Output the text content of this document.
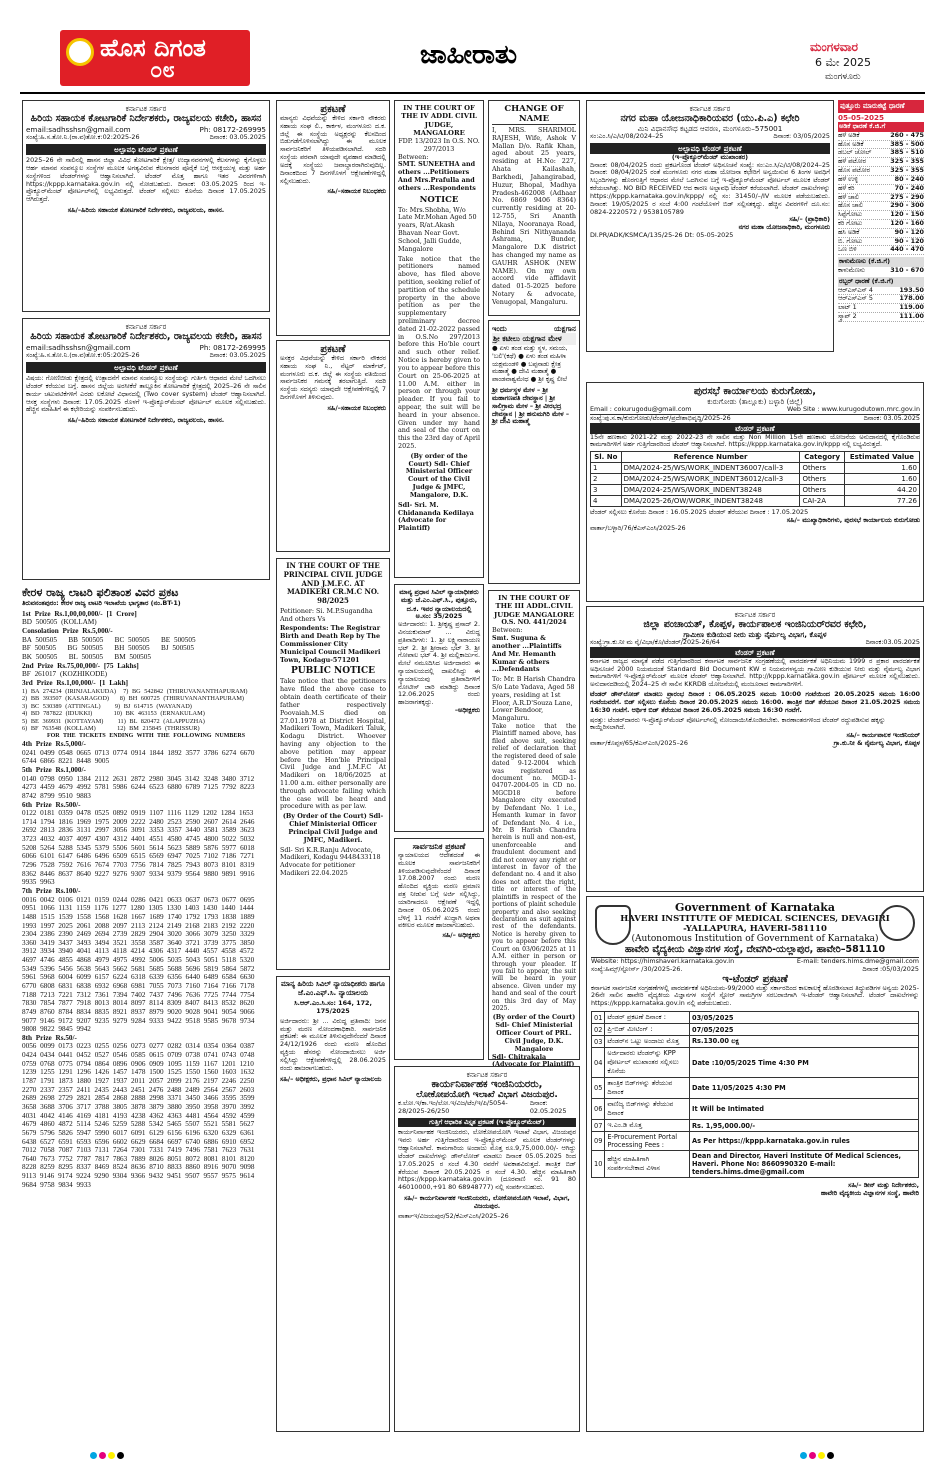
ಹೊಸ ದಿಗಂತ
೦೮
ಜಾಹೀರಾತು	ಮಂಗಳವಾರ
6 ಮೇ 2025
ಮಂಗಳೂರು
ಕರ್ನಾಟಕ ಸರ್ಕಾರ
ಹಿರಿಯ ಸಹಾಯಕ ಕೋಟಗಾರಿಕೆ ನಿರ್ದೇಶಕರು, ರಾಜ್ಯವಲಯ ಕಚೇರಿ, ಹಾಸನ
email:sadhsshsn@gmail.com	Ph: 08172-269995
ಸಂಖ್ಯೆ:ಹಿ.ಸ.ತೋ.ನಿ.(ರಾ.ವ)ತೋ.ಕ:02:2025-26	ದಿನಾಂಕ: 03.05.2025
ಅಲ್ಪಾವಧಿ ಟೆಂಡರ್ ಪ್ರಕಟಣೆ
2025–26 ನೇ ಸಾಲಿನಲ್ಲಿ ಹಾಸನ ಜಿಲ್ಲಾ ವಿವಿಧ ತೋಟಗಾರಿಕೆ ಕ್ಷೇತ್ರ/ ಉದ್ಯಾನವನಗಳಲ್ಲಿ ಕೆಲಸಗಳನ್ನು ಕೈಗೊಳ್ಳಲು ಆರ್ಹ ಮಾನವ ಸಂಪನ್ಮೂಲ ಸಂಸ್ಥೆಗಳ ಮೂಲಕ ಅಗತ್ಯವಿರುವ ಕೆಲಸಗಾರರ ಪೂರೈಕೆ ಬಗ್ಗೆ ಆಸಕ್ತಿಯುಳ್ಳ ಮತ್ತು ಅರ್ಹ ಸಂಸ್ಥೆಗಳಿಂದ ಟೆಂಡರ್‌ಗಳನ್ನು ಆಹ್ವಾನಿಸಲಾಗಿದೆ. ಟೆಂಡರ್ ಮೊತ್ತ ಹಾಗೂ ಇತರ ವಿವರಗಳಿಗಾಗಿ https://kppp.karnataka.gov.in ನಲ್ಲಿ ನೋಡಬಹುದು. ದಿನಾಂಕ: 03.05.2025 ರಿಂದ ಇ-ಪ್ರೊಕ್ಯೂರ್‌ಮೆಂಟ್ ಪೋರ್ಟಲ್‌ನಲ್ಲಿ ಲಭ್ಯವಿರುತ್ತದೆ. ಟೆಂಡರ್ ಸಲ್ಲಿಸಲು ಕೊನೆಯ ದಿನಾಂಕ 17.05.2025 ಆಗಿರುತ್ತದೆ.
ಸಹಿ/–ಹಿರಿಯ ಸಹಾಯಕ ತೋಟಗಾರಿಕೆ ನಿರ್ದೇಶಕರು, ರಾಜ್ಯವಲಯ, ಹಾಸನ.
ಕರ್ನಾಟಕ ಸರ್ಕಾರ
ಹಿರಿಯ ಸಹಾಯಕ ತೋಟಗಾರಿಕೆ ನಿರ್ದೇಶಕರು, ರಾಜ್ಯವಲಯ ಕಚೇರಿ, ಹಾಸನ
email:sadhsshsn@gmail.com	Ph: 08172-269995
ಸಂಖ್ಯೆ:ಹಿ.ಸ.ತೋ.ನಿ.(ರಾ.ವ)ತೋ.ಕ:05:2025-26	ದಿನಾಂಕ: 03.05.2025
ಅಲ್ಪಾವಧಿ ಟೆಂಡರ್ ಪ್ರಕಟಣೆ
ವಿಷಯ: ಗೋಣಿಬೀಡು ಕ್ಷೇತ್ರದಲ್ಲಿ ಉತ್ಪಾದನೆಗೆ ಮಾನವ ಸಂಪನ್ಮೂಲ ಸಂಸ್ಥೆಯನ್ನು ಗುರ್ತಿಸಿ ಆಧಾರದ ಮೇಲೆ ಒದಗಿಸಲು ಟೆಂಡರ್ ಕರೆಯುವ ಬಗ್ಗೆ. ಹಾಸನ ಜಿಲ್ಲೆಯ ಅರಸೀಕೆರೆ ತಾಲ್ಲೂಕಿನ ತೋಟಗಾರಿಕೆ ಕ್ಷೇತ್ರದಲ್ಲಿ 2025–26 ನೇ ಸಾಲಿನ ಕಾರ್ಯ ಚಟುವಟಿಕೆಗಳಿಗೆ ಎರಡು ಲಕೋಟೆ ವಿಧಾನದಲ್ಲಿ (Two cover system) ಟೆಂಡರ್ ಆಹ್ವಾನಿಸಲಾಗಿದೆ. ಆಸಕ್ತ ಸಂಸ್ಥೆಗಳು ದಿನಾಂಕ: 17.05.2025 ರೊಳಗೆ ಇ-ಪ್ರೊಕ್ಯೂರ್‌ಮೆಂಟ್ ಪೋರ್ಟಲ್ ಮೂಲಕ ಸಲ್ಲಿಸಬಹುದು. ಹೆಚ್ಚಿನ ಮಾಹಿತಿಗೆ ಈ ಕಛೇರಿಯನ್ನು ಸಂಪರ್ಕಿಸಬಹುದು.
ಸಹಿ/–ಹಿರಿಯ ಸಹಾಯಕ ತೋಟಗಾರಿಕೆ ನಿರ್ದೇಶಕರು, ರಾಜ್ಯವಲಯ, ಹಾಸನ.
ಕೇರಳ ರಾಜ್ಯ ಲಾಟರಿ ಫಲಿತಾಂಶ ವಿವರ ಪ್ರಕಟ
ತಿರುವನಂತಪುರಂ: ಕೇರಳ ರಾಜ್ಯ ಲಾಟರಿ ಇಲಾಖೆಯ ಭಾಗ್ಯತಾರ (ನಂ.BT-1)
1st Prize Rs.1,00,00,000/- [1 Crore]
BD 500505 (KOLLAM)
Consolation Prize Rs.5,000/-
BA 500505   BB 500505   BC 500505   BE 500505
BF 500505   BG 500505   BH 500505   BJ 500505
BK 500505   BL 500505   BM 500505
2nd Prize Rs.75,00,000/- [75 Lakhs]
BF 261017 (KOZHIKODE)
3rd Prize Rs.1,00,000/- [1 Lakh]
1) BA 274234 (IRINJALAKUDA)  7) BG 542842 (THIRUVANANTHAPURAM)
2) BB 393507 (KASARAGOD)   8) BH 600725 (THIRUVANANTHAPURAM)
3) BC 530389 (ATTINGAL)    9) BJ 614715 (WAYANAD)
4) BD 787822 (IDUKKI)      10) BK 463153 (ERNAKULAM)
5) BE 369931 (KOTTAYAM)    11) BL 820472 (ALAPPUZHA)
6) BF 763548 (KOLLAM)      12) BM 215845 (THRISSUR)
FOR THE TICKETS ENDING WITH THE FOLLOWING NUMBERS
4th Prize Rs.5,000/-
0241 0499 0548 0665 0713 0774 0914 1844 1892 3577 3786 6274 6670 6744 6866 8221 8448 9005
5th Prize Rs.1,000/-
0140 0798 0950 1384 2112 2631 2872 2980 3045 3142 3248 3480 3712 4273 4459 4679 4992 5781 5986 6244 6523 6880 6789 7125 7792 8223 8742 8799 9510 9883
6th Prize Rs.500/-
0122 0181 0359 0478 0525 0892 0919 1107 1116 1129 1202 1284 1653 1714 1794 1816 1969 1975 2009 2222 2480 2523 2590 2607 2614 2646 2692 2813 2836 3131 2997 3056 3091 3353 3357 3440 3581 3589 3623 3723 4032 4037 4097 4307 4312 4401 4551 4580 4745 4800 5022 5032 5208 5264 5288 5345 5379 5506 5601 5614 5623 5889 5876 5977 6018 6066 6101 6147 6486 6496 6509 6515 6569 6947 7025 7102 7186 7271 7296 7528 7592 7616 7674 7703 7756 7814 7825 7943 8073 8101 8319 8362 8446 8637 8640 9227 9276 9307 9334 9379 9564 9880 9891 9916 9935 9963
7th Prize Rs.100/-
0016 0042 0106 0121 0159 0244 0286 0421 0633 0637 0673 0677 0695 0951 1066 1131 1159 1176 1277 1280 1305 1330 1403 1430 1440 1444 1488 1515 1539 1558 1568 1628 1667 1689 1740 1792 1793 1838 1889 1993 1997 2025 2061 2088 2097 2113 2124 2149 2168 2183 2192 2220 2304 2386 2390 2469 2694 2739 2829 2904 3020 3066 3079 3250 3329 3360 3419 3437 3493 3494 3521 3558 3587 3640 3721 3739 3775 3850 3912 3934 3940 4041 4113 4118 4214 4306 4317 4440 4557 4558 4572 4697 4746 4855 4868 4979 4975 4992 5006 5035 5043 5051 5118 5320 5349 5396 5456 5638 5643 5662 5681 5685 5688 5696 5819 5864 5872 5961 5968 6004 6099 6157 6224 6318 6339 6356 6440 6489 6584 6630 6770 6808 6831 6838 6932 6968 6981 7055 7073 7160 7164 7166 7178 7188 7213 7221 7312 7361 7394 7402 7437 7496 7636 7725 7744 7754 7830 7854 7877 7918 8013 8014 8097 8114 8309 8407 8413 8532 8620 8749 8760 8784 8834 8835 8921 8937 8979 9020 9028 9041 9054 9066 9077 9146 9172 9207 9235 9279 9284 9333 9422 9518 9585 9678 9734 9808 9822 9845 9942
8th Prize Rs.50/-
0056 0099 0173 0223 0255 0256 0273 0277 0282 0314 0354 0364 0387 0424 0434 0441 0452 0527 0546 0585 0615 0709 0738 0741 0743 0748 0759 0768 0775 0794 0864 0896 0906 0909 1095 1159 1167 1201 1210 1239 1255 1291 1296 1426 1457 1478 1500 1525 1550 1560 1603 1632 1787 1791 1873 1880 1927 1937 2011 2057 2099 2176 2197 2246 2250 2270 2337 2357 2411 2435 2443 2451 2476 2488 2489 2564 2567 2603 2689 2698 2729 2821 2854 2868 2888 2998 3371 3450 3466 3595 3599 3658 3688 3706 3717 3788 3805 3878 3879 3880 3950 3958 3970 3992 4031 4042 4146 4169 4181 4193 4238 4362 4363 4481 4564 4592 4599 4679 4860 4872 5114 5246 5259 5288 5342 5465 5507 5521 5581 5627 5679 5796 5826 5947 5990 6017 6091 6129 6156 6196 6320 6329 6361 6438 6527 6591 6593 6596 6602 6629 6684 6697 6740 6886 6910 6952 7012 7058 7087 7103 7131 7264 7301 7331 7419 7496 7581 7623 7631 7640 7673 7752 7787 7817 7863 7889 8026 8051 8072 8081 8101 8120 8228 8259 8295 8337 8469 8524 8636 8710 8833 8860 8916 9070 9098 9113 9146 9174 9224 9290 9304 9366 9432 9451 9507 9557 9575 9614 9684 9758 9834 9933
ಪ್ರಕಟಣೆ
ಮಾನ್ಯರು ವಿಧವೆಯನ್ನು ಕೇಳಿದ ಸರ್ಕಾರಿ ನೌಕರರು ಸಹಾಯ ಸಂಘ ಲಿ., ಕಾರ್ಕಳ, ಮಂಗಳೂರು ದ.ಕ. ಜಿಲ್ಲೆ ಈ ಸಂಸ್ಥೆಯ ಅಧ್ಯಕ್ಷರನ್ನು ಕೆಲಸದಿಂದ ಬಿಡುಗಡೆಗೊಳಿಸಲಾಗಿದ್ದು ಈ ಮೂಲಕ ಸಾರ್ವಜನಿಕರಿಗೆ ತಿಳಿಯಪಡಿಸಲಾಗಿದೆ. ಸದರಿ ಸಂಸ್ಥೆಯ ಪರವಾಗಿ ಯಾವುದೇ ವ್ಯವಹಾರ ಮಾಡಿದಲ್ಲಿ ಅದಕ್ಕೆ ಸಂಸ್ಥೆಯು ಜವಾಬ್ದಾರರಾಗಿರುವುದಿಲ್ಲ. ದಿನಾಂಕದಿಂದ 7 ದಿನಗಳೊಳಗೆ ಆಕ್ಷೇಪಣೆಗಳಿದ್ದಲ್ಲಿ ಸಲ್ಲಿಸಬಹುದು.
ಸಹಿ/–ಸಹಾಯಕ ನಿಬಂಧಕರು
ಪ್ರಕಟಣೆ
ಅಸಕ್ತರ ವಿಧವೆಯನ್ನು ಕೇಳಿದ ಸರ್ಕಾರಿ ನೌಕರರ ಸಹಾಯ ಸಂಘ ನಿ., ನೆಟ್ಟರ್ ಮಾರ್ಕೆಟ್, ಮಂಗಳೂರು ದ.ಕ. ಜಿಲ್ಲೆ ಈ ಸಂಸ್ಥೆಯ ವತಿಯಿಂದ ಸಾರ್ವಜನಿಕರ ಗಮನಕ್ಕೆ ತರಲಾಗುತ್ತಿದೆ. ಸದರಿ ಸಂಸ್ಥೆಯ ಸದಸ್ಯರು ಯಾವುದೇ ಆಕ್ಷೇಪಣೆಗಳಿದ್ದಲ್ಲಿ 7 ದಿನಗಳೊಳಗೆ ತಿಳಿಸುವುದು.
ಸಹಿ/–ಸಹಾಯಕ ನಿಬಂಧಕರು
IN THE COURT OF THE PRINCIPAL CIVIL JUDGE AND J.M.F.C. AT MADIKERI CR.M.C NO. 98/2025
Petitioner: Si. M.P.Sugandha And others Vs
Respondents: The Registrar Birth and Death Rep by The Commissioner City Municipal Council Madikeri Town, Kodagu-571201
PUBLIC NOTICE
Take notice that the petitioners have filed the above case to obtain death certificate of their father respectively Poovaiah.M.S died on 27.01.1978 at District Hospital, Madikeri Town, Madikeri Taluk, Kodagu District. Whoever having any objection to the above petition may appear before the Hon'ble Principal Civil Judge and J.M.F.C At Madikeri on 18/06/2025 at 11.00 a.m. either personally are through advocate failing which the case will be heard and procedure with as per law.
(By Order of the Court) Sdl- Chief Ministerial Officer Principal Civil Judge and JMFC, Madikeri.
Sdl- Sri K.R.Ranju Advocate, Madikeri, Kodagu 9448433118 Advocate for petitioner Madikeri 22.04.2025
ಮಾನ್ಯ ಹಿರಿಯ ಸಿವಿಲ್ ನ್ಯಾಯಾಧೀಶರು ಹಾಗೂ ಜೆ.ಎಂ.ಎಫ್.ಸಿ. ನ್ಯಾಯಾಲಯ
ಸಿ.ಆರ್.ಎಂ.ಸಿ.ಸಂ: 164, 172, 175/2025
ಅರ್ಜಿದಾರರು: ಶ್ರೀ ... ವಿರುದ್ಧ ಪ್ರತಿವಾದಿ: ಜನನ ಮತ್ತು ಮರಣ ನೋಂದಣಾಧಿಕಾರಿ. ಸಾರ್ವಜನಿಕ ಪ್ರಕಟಣೆ: ಈ ಮೂಲಕ ತಿಳಿಸುವುದೇನೆಂದರೆ ದಿನಾಂಕ 24/12/1926 ರಂದು ಮರಣ ಹೊಂದಿದ ವ್ಯಕ್ತಿಯ ಹೆಸರನ್ನು ನೋಂದಾಯಿಸಲು ಅರ್ಜಿ ಸಲ್ಲಿಸಿದ್ದು ಆಕ್ಷೇಪಣೆಗಳಿದ್ದಲ್ಲಿ 28.06.2025 ರಂದು ಹಾಜರಾಗಬಹುದು.
ಸಹಿ/– ಅಧೀಕ್ಷಕರು, ಪ್ರಧಾನ ಸಿವಿಲ್ ನ್ಯಾಯಾಲಯ
IN THE COURT OF THE IV ADDL CIVIL JUDGE, MANGALORE
FDP. 13/2023 In O.S. NO. 297/2013
Between:
SMT. SUNEETHA and others ...Petitioners And Mrs.Prafulla and others ...Respondents
NOTICE
To: Mrs.Shobha, W/o Late Mr.Mohan Aged 50 years, R/at.Akash Bhavan Near Govt. School, Jalli Gudde, Mangalore
Take notice that the petitioners named above, has filed above petition, seeking relief of partition of the schedule property in the above petition as per the supplementary preliminary decree dated 21-02-2022 passed in O.S.No 297/2013 before this Ho'ble court and such other relief. Notice is hereby given to you to appear before this Court on 25-06-2025 at 11.00 A.M. either in person or through your pleader. If you fail to appear, the suit will be heard in your absence. Given under my hand and seal of the court on this the 23rd day of April 2025.
(By order of the Court) Sdl- Chief Ministerial Officer Court of the Civil Judge & JMFC, Mangalore, D.K.
Sdl- Sri. M. Chidananda Kedilaya (Advocate for Plaintiff)
ಮಾನ್ಯ ಪ್ರಧಾನ ಸಿವಿಲ್ ನ್ಯಾಯಾಧೀಶರು ಮತ್ತು ಜೆ.ಎಂ.ಎಫ್.ಸಿ., ಪುತ್ತೂರು, ದ.ಕ. ಇವರ ನ್ಯಾಯಾಲಯದಲ್ಲಿ
ಅ.ಸಂ: 35/2025
ಅರ್ಜಿದಾರರು: 1. ಶ್ರೀಕೃಷ್ಣ ಪ್ರಸಾದ್ 2. ವಿನಯಕುಮಾರ್ ... ವಿರುದ್ಧ ಪ್ರತಿವಾದಿಗಳು: 1. ಶ್ರೀ ಲಕ್ಷ್ಮಿನಾರಾಯಣ ಭಟ್ 2. ಶ್ರೀ ಶ್ರೀರಾಮ ಭಟ್ 3. ಶ್ರೀ ಗೋಪಾಲ ಭಟ್ 4. ಶ್ರೀ ಮಲ್ಲಿಕಾರ್ಜುನ. ಮೇಲೆ ನಮೂದಿಸಿದ ಅರ್ಜಿದಾರರು ಈ ನ್ಯಾಯಾಲಯದಲ್ಲಿ ದಾಖಲಿಸಿದ್ದು ಈ ನ್ಯಾಯಾಲಯವು ಪ್ರತಿವಾದಿಗಳಿಗೆ ನೋಟೀಸ್ ಜಾರಿ ಮಾಡಿದ್ದು ದಿನಾಂಕ 12.06.2025 ರಂದು ಹಾಜರಾಗತಕ್ಕದ್ದು.
–ಅಧೀಕ್ಷಕರು
ಸಾರ್ವಜನಿಕ ಪ್ರಕಟಣೆ
ನ್ಯಾಯಾಲಯದ ಆದೇಶದಂತೆ ಈ ಮೂಲಕ ಸಾರ್ವಜನಿಕರಿಗೆ ತಿಳಿಯಪಡಿಸುವುದೇನೆಂದರೆ ದಿನಾಂಕ 17.08.2007 ರಂದು ಮರಣ ಹೊಂದಿದ ವ್ಯಕ್ತಿಯ ಮರಣ ಪ್ರಮಾಣ ಪತ್ರ ನೀಡುವ ಬಗ್ಗೆ ಅರ್ಜಿ ಸಲ್ಲಿಸಿದ್ದು, ಯಾರಿಗಾದರೂ ಆಕ್ಷೇಪಣೆ ಇದ್ದಲ್ಲಿ ದಿನಾಂಕ 05.06.2025 ರಂದು ಬೆಳಿಗ್ಗೆ 11 ಗಂಟೆಗೆ ಖುದ್ದಾಗಿ ಅಥವಾ ವಕೀಲರ ಮೂಲಕ ಹಾಜರಾಗಬಹುದು.
ಸಹಿ/– ಅಧೀಕ್ಷಕರು
CHANGE OF NAME
I, MRS. SHARIMOL RAJESH, Wife, Ashok V Mallan D/o. Rafik Khan, aged about 25 years, residing at H.No: 227, Ahata Kailashah, Barkhedi, Jahangirabad, Huzur, Bhopal, Madhya Pradesh-462008 (Adhaar No. 6869 9406 8364) currently residing at 20-12-755, Sri Ananth Nilaya, Nooranaya Road, Behind Sri Nithyananda Ashrama, Bunder, Mangalore D.K district has changed my name as GAUHR ASHOK (NEW NAME). On my own accord vide affidavit dated 01-5-2025 before Notary & advocate, Venugopal, Mangaluru.
ಇಂದು	ಯಕ್ಷಗಾನ
ಶ್ರೀ ಕಟೀಲು ಯಕ್ಷಗಾನ ಮೇಳ
● ಏಳು ತಂಡ ಮತ್ತು ಸ್ಥಳ, ಸಮಯ, 'ಬಲಿ'(ಕಥೆ) ● ಏಳು ತಂಡ ಮಹಿಳಾ ಯಕ್ಷಮಂಡಳಿ ● ಬಪ್ಪನಾಡು ಕ್ಷೇತ್ರ ಮಹಾತ್ಮೆ ● ದೇವಿ ಮಹಾತ್ಮೆ ● ಪಾಂಡವಾಶ್ವಮೇಧ ● ಶ್ರೀ ಕೃಷ್ಣ ಲೀಲೆ
ಶ್ರೀ ಧರ್ಮಸ್ಥಳ ಮೇಳ – ಶ್ರೀ ಮಹಾಗಣಪತಿ ದೇವಸ್ಥಾನ | ಶ್ರೀ ಸಾಲಿಗ್ರಾಮ ಮೇಳ – ಶ್ರೀ ವೀರಭದ್ರ ದೇವಸ್ಥಾನ | ಶ್ರೀ ಹನುಮಗಿರಿ ಮೇಳ – ಶ್ರೀ ದೇವಿ ಮಹಾತ್ಮೆ
IN THE COURT OF THE III ADDL.CIVIL JUDGE MANGALORE
O.S. NO. 441/2024
Between:
Smt. Suguna & another ...Plaintiffs And Mr. Hemanth Kumar & others ...Defendants
To: Mr. B Harish Chandra S/o Late Yadava, Aged 58 years, residing at 1st Floor, A.R.D'Souza Lane, Lower Bendoor, Mangaluru.
Take notice that the Plaintiff named above, has filed above suit, seeking relief of declaration that the registered deed of sale dated 9-12-2004 which was registered as document no. MGD-1-04707-2004-05 in CD no. MGCD18 before Mangalore city executed by Defendant No. 1 i.e., Hemanth kumar in favor of Defendant No. 4 i.e., Mr. B Harish Chandra herein is null and non-est, unenforceable and fraudulent document and did not convey any right or interest in favor of the defendant no. 4 and it also does not affect the right, title or interest of the plaintiffs in respect of the portions of plaint schedule property and also seeking declaration as suit against rest of the defendants. Notice is hereby given to you to appear before this Court on 03/06/2025 at 11 A.M. either in person or through your pleader. If you fail to appear, the suit will be heard in your absence. Given under my hand and seal of the court on this 3rd day of May 2025.
(By order of the Court) Sdl- Chief Ministerial Officer Court of PRL. Civil Judge, D.K. Mangalore
Sdl- Chitrakala (Advocate for Plaintiff)
ಕರ್ನಾಟಕ ಸರ್ಕಾರ
ಕಾರ್ಯನಿರ್ವಾಹಕ ಇಂಜಿನಿಯರರು,
ಲೋಕೋಪಯೋಗಿ ಇಲಾಖೆ ವಿಭಾಗ ವಿಜಯಪುರ.
ಕ.ಲೋ.ಇ/ಕಾ.ಇಂ/ಲೋ.ಇ/ವಿಜ/ಟೆಂ/ಇ/ಪಿ/5054-28/2025-26/250
ದಿನಾಂಕ: 02.05.2025
ಗುತ್ತಿಗೆ ಆಧಾರಿತ ವಿಸ್ತೃತ ಪ್ರಕಟಣೆ (ಇ-ಪ್ರೊಕ್ಯೂರ್‌ಮೆಂಟ್)
ಕಾರ್ಯನಿರ್ವಾಹಕ ಇಂಜಿನಿಯರರು, ಲೋಕೋಪಯೋಗಿ ಇಲಾಖೆ ವಿಭಾಗ, ವಿಜಯಪುರ ಇವರು ಅರ್ಹ ಗುತ್ತಿಗೆದಾರರಿಂದ ಇ-ಪ್ರೊಕ್ಯೂರ್‌ಮೆಂಟ್ ಮೂಲಕ ಟೆಂಡರ್‌ಗಳನ್ನು ಆಹ್ವಾನಿಸಲಾಗಿದೆ. ಕಾಮಗಾರಿಯ ಅಂದಾಜು ಮೊತ್ತ ರೂ.9,75,000.00/- ಆಗಿದ್ದು ಟೆಂಡರ್ ದಾಖಲೆಗಳನ್ನು ಡೌನ್‌ಲೋಡ್ ಮಾಡಲು ದಿನಾಂಕ 05.05.2025 ರಿಂದ 17.05.2025 ರ ಸಂಜೆ 4.30 ರವರೆಗೆ ಅವಕಾಶವಿರುತ್ತದೆ. ತಾಂತ್ರಿಕ ಬಿಡ್ ತೆರೆಯುವ ದಿನಾಂಕ 20.05.2025 ರ ಸಂಜೆ 4.30. ಹೆಚ್ಚಿನ ಮಾಹಿತಿಗಾಗಿ https://kppp.karnataka.gov.in (ದೂರವಾಣಿ ನಂ. 91 80 46010000,+91 80 68948777) ನಲ್ಲಿ ಸಂಪರ್ಕಿಸಬಹುದು.
ಸಹಿ/– ಕಾರ್ಯನಿರ್ವಾಹಕ ಇಂಜಿನಿಯರರು, ಲೋಕೋಪಯೋಗಿ ಇಲಾಖೆ, ವಿಭಾಗ, ವಿಜಯಪುರ.
ವಾರ್ತಾಇ/ವಿಜಯಪುರ/52/ಕೆಎಸ್‌ಎಂಸಿ/2025–26
ಕರ್ನಾಟಕ ಸರ್ಕಾರ
ನಗರ ಮಹಾ ಯೋಜನಾಧಿಕಾರಿಯವರ (ಯು.ಪಿ.ಎ) ಕಛೇರಿ
ಮಿನಿ ವಿಧಾನಸೌಧ ಕಟ್ಟಡದ ಆವರಣ, ಮಂಗಳೂರು–575001
ಸಂ:ಎಂ.ಸಿ/ಎ/ಟಿ/08/2024–25	ದಿನಾಂಕ: 03/05/2025
ಅಲ್ಪಾವಧಿ ಟೆಂಡರ್ ಪ್ರಕಟಣೆ
(ಇ–ಪ್ರೊಕ್ಯೂರ್‌ಮೆಂಟ್ ಮುಖಾಂತರ)
ದಿನಾಂಕ: 08/04/2025 ರಂದು ಪ್ರಕಟಗೊಂಡ ಟೆಂಡರ್ ಅಧಿಸೂಚನೆ ಸಂಖ್ಯೆ: ಸಂ:ಎಂ.ಸಿ/ಎ/ಟಿ/08/2024–25 ದಿನಾಂಕ: 08/04/2025 ರಂತೆ ಮಂಗಳೂರು ನಗರ ಮಹಾ ಯೋಜನಾ ಕಛೇರಿಗೆ ಅನ್ವಯಿಸುವ 6 ತಿಂಗಳ ಅವಧಿಗೆ ಸಿಬ್ಬಂದಿಗಳನ್ನು ಹೊರಗುತ್ತಿಗೆ ಆಧಾರದ ಮೇಲೆ ಒದಗಿಸುವ ಬಗ್ಗೆ ಇ-ಪ್ರೊಕ್ಯೂರ್‌ಮೆಂಟ್ ಪೋರ್ಟಲ್ ಮೂಲಕ ಟೆಂಡರ್ ಕರೆಯಲಾಗಿತ್ತು. NO BID RECEIVED ಆದ ಕಾರಣ ಅಲ್ಪಾವಧಿ ಟೆಂಡರ್ ಕರೆಯಲಾಗಿದೆ. ಟೆಂಡರ್ ದಾಖಲೆಗಳನ್ನು https://kppp.karnataka.gov.in/kppp/ ನಲ್ಲಿ ಸಂ: 31450/–/IV ಮೂಲಕ ಪಡೆಯಬಹುದು. ದಿನಾಂಕ: 19/05/2025 ರ ಸಂಜೆ 4:00 ಗಂಟೆಯೊಳಗೆ ಬಿಡ್ ಸಲ್ಲಿಸತಕ್ಕದ್ದು. ಹೆಚ್ಚಿನ ವಿವರಗಳಿಗೆ ದೂ.ಸಂ: 0824-2220572 / 9538105789
ಸಹಿ/– (ಪ್ರಾಧಿಕಾರಿ)
ನಗರ ಮಹಾ ಯೋಜನಾಧಿಕಾರಿ, ಮಂಗಳೂರು
DI.PR/ADK/KSMCA/135/25-26 Dt: 05-05-2025
ಪುತ್ತೂರು ಮಾರುಕಟ್ಟೆ ಧಾರಣೆ
05-05-2025
ಅಡಿಕೆ ಧಾರಣೆ ಕೆ.ಜಿ.ಗೆ
ಹಳೆ ಅಡಿಕೆ	260 - 475
ಹೊಸ ಅಡಿಕೆ	385 - 500
ಡಬಲ್ ಚೋಲ್	385 - 510
ಹಳೆ ಪಟೋರ	325 - 355
ಹೊಸ ಪಟೋರ	325 - 355
ಹಳೆ ಉಳ್ಳಿ	80 - 240
ಹಳೆ ಕರಿ	70 - 240
ಹಳೆ ಚಾಲಿ	275 - 290
ಹೊಸ ಚಾಲಿ	290 - 300
ಸಿಪ್ಪೆಗೋಟು	120 - 150
ಕರಿ ಗೋಟು	120 - 160
ಹಸಿ ಅಡಿಕೆ	90 - 120
ಬಿ. ಗೋಟು	90 - 120
ಒಣ ಬಿಳಿ	440 - 470
ಕಾಳುಮೆಣಸು (ಕೆ.ಜಿ.ಗೆ)
ಕಾಳುಮೆಣಸು	310 - 670
ರಬ್ಬರ್ ಧಾರಣೆ (ಕೆ.ಜಿ.ಗೆ)
ಆರ್‌ಎಸ್‌ಎಸ್ 4	193.50
ಆರ್‌ಎಸ್‌ಎಸ್ 5	178.00
ಲಾಟ್ 1	119.00
ಸ್ಕ್ರಾಪ್ 2	111.00
ಪುರಸಭೆ ಕಾರ್ಯಾಲಯ ಕುರುಗೋಡು,
ಕುರುಗೋಡು (ತಾಲ್ಲೂಕು) ಬಳ್ಳಾರಿ (ಜಿಲ್ಲೆ)
Email : cokurugodu@gmail.com	Web Site : www.kurugodutown.mrc.gov.in
ಸಂಖ್ಯೆ:ಪು.ಸ.ಕಾ/ಕುರುಗೋಡು/ಟೆಂಡರ್/ಪ್ರದೇಶಾಭಿವೃದ್ಧಿ/2025-26	ದಿನಾಂಕ: 03.05.2025
ಟೆಂಡರ್ ಪ್ರಕಟಣೆ
15ನೇ ಹಣಕಾಸು 2021-22 ಮತ್ತು 2022-23 ನೇ ಸಾಲಿನ ಮತ್ತು Non Million 15ನೇ ಹಣಕಾಸು ಯೋಜನೆಯ ಅನುದಾನದಲ್ಲಿ ಕೈಗೊಂಡಿರುವ ಕಾಮಗಾರಿಗಳಿಗೆ ಅರ್ಹ ಗುತ್ತಿಗೆದಾರರಿಂದ ಟೆಂಡರ್ ಆಹ್ವಾನಿಸಲಾಗಿದೆ. https://kppp.karnataka.gov.in/kppp ನಲ್ಲಿ ಲಭ್ಯವಿರುತ್ತದೆ.
Sl. No	Reference Number	Category	Estimated Value
1	DMA/2024-25/WS/WORK_INDENT36007/call-3	Others	1.60
2	DMA/2024-25/WS/WORK_INDENT36012/call-3	Others	1.60
3	DMA/2024-25/WS/WORK_INDENT38248	Others	44.20
4	DMA/2025-26/OW/WORK_INDENT38248	CAI-2A	77.26
ಟೆಂಡರ್ ಸಲ್ಲಿಸಲು ಕೊನೆಯ ದಿನಾಂಕ : 16.05.2025 ಟೆಂಡರ್ ತೆರೆಯುವ ದಿನಾಂಕ : 17.05.2025
ಸಹಿ/– ಮುಖ್ಯಾಧಿಕಾರಿಗಳು, ಪುರಸಭೆ ಕಾರ್ಯಾಲಯ ಕುರುಗೋಡು
ವಾರ್ತಾ/ಬಳ್ಳಾರಿ/76/ಕೆಎಸ್‌ಎಂಸಿ/2025-26
ಕರ್ನಾಟಕ ಸರ್ಕಾರ
ಜಿಲ್ಲಾ ಪಂಚಾಯತ್, ಕೊಪ್ಪಳ, ಕಾರ್ಯಪಾಲಕ ಇಂಜಿನಿಯರ್‌ರವರ ಕಛೇರಿ,
ಗ್ರಾಮೀಣ ಕುಡಿಯುವ ನೀರು ಮತ್ತು ನೈರ್ಮಲ್ಯ ವಿಭಾಗ, ಕೊಪ್ಪಳ
ಸಂಖ್ಯೆ:ಗ್ರಾ.ಕು.ನೀ ಮ ನೈ/ವಿಭಾ/ಕೊ/ಟೆಂಡರ್/2025-26/64	ದಿನಾಂಕ:03.05.2025
ಟೆಂಡರ್ ಪ್ರಕಟಣೆ
ಕರ್ನಾಟಕ ರಾಜ್ಯದ ಮಾನ್ಯತೆ ಪಡೆದ ಗುತ್ತಿಗೆದಾರರಿಂದ ಕರ್ನಾಟಕ ಸಾರ್ವಜನಿಕ ಸಂಗ್ರಹಣೆಯಲ್ಲಿ ಪಾರದರ್ಶಕತೆ ಅಧಿನಿಯಮ 1999 ರ ಪ್ರಕಾರ ಪಾರದರ್ಶಕತೆ ಅಧಿಸೂಚನೆ 2000 ನಿಯಮದಂತೆ Standard Bid Document KW ರ ನಿಯಮಗಳನ್ವಯ ಗ್ರಾಮೀಣ ಕುಡಿಯುವ ನೀರು ಮತ್ತು ನೈರ್ಮಲ್ಯ ವಿಭಾಗ ಕಾಮಗಾರಿಗಳಿಗೆ ಇ-ಪ್ರೊಕ್ಯೂರ್‌ಮೆಂಟ್ ಮೂಲಕ ಟೆಂಡರ್ ಆಹ್ವಾನಿಸಲಾಗಿದೆ. http://kppp.karnataka.gov.in ಪೋರ್ಟಲ್ ಮೂಲಕ ಸಲ್ಲಿಸಬಹುದು. ಅನುದಾನದಡಿಯಲ್ಲಿ 2024–25 ನೇ ಸಾಲಿನ KKRDB ಯೋಜನೆಯಲ್ಲಿ ಮಂಜೂರಾದ ಕಾಮಗಾರಿಗಳಿಗೆ.
ಟೆಂಡರ್ ಡೌನ್‌ಲೋಡ್ ಮಾಡಲು ಪ್ರಾರಂಭ ದಿನಾಂಕ : 06.05.2025 ಸಮಯ 10:00 ಗಂಟೆಯಿಂದ 20.05.2025 ಸಮಯ 16:00 ಗಂಟೆಯವರೆಗೆ. ಬಿಡ್ ಸಲ್ಲಿಸಲು ಕೊನೆಯ ದಿನಾಂಕ 20.05.2025 ಸಮಯ 16:00. ತಾಂತ್ರಿಕ ಬಿಡ್ ತೆರೆಯುವ ದಿನಾಂಕ 21.05.2025 ಸಮಯ 16:30 ಗಂಟೆಗೆ. ಆರ್ಥಿಕ ಬಿಡ್ ತೆರೆಯುವ ದಿನಾಂಕ 26.05.2025 ಸಮಯ 16:30 ಗಂಟೆಗೆ.
ಷರತ್ತು: ಟೆಂಡರ್‌ದಾರರು ಇ-ಪ್ರೊಕ್ಯೂರ್‌ಮೆಂಟ್ ಪೋರ್ಟಲ್‌ನಲ್ಲಿ ನೋಂದಾಯಿಸಿಕೊಂಡಿರಬೇಕು. ಕಾರಣಾಂತರಗಳಿಂದ ಟೆಂಡರ್ ರದ್ದುಪಡಿಸುವ ಹಕ್ಕನ್ನು ಕಾಯ್ದಿರಿಸಲಾಗಿದೆ.
ಸಹಿ/– ಕಾರ್ಯಪಾಲಕ ಇಂಜಿನಿಯರ್
ವಾರ್ತಾ/ಕೊಪ್ಪಳ/65/ಕೆಎಸ್‌ಎಂಸಿ/2025–26	ಗ್ರಾ.ಕು.ನೀ & ನೈರ್ಮಲ್ಯ ವಿಭಾಗ, ಕೊಪ್ಪಳ
Government of Karnataka
HAVERI INSTITUTE OF MEDICAL SCIENCES, DEVAGIRI
-YALLAPURA, HAVERI-581110
(Autonomous Institution of Government of Karnataka)
ಹಾವೇರಿ ವೈದ್ಯಕೀಯ ವಿಜ್ಞಾನಗಳ ಸಂಸ್ಥೆ, ದೇವಗಿರಿ-ಯಲ್ಲಾಪುರ, ಹಾವೇರಿ–581110
Website: https://himshaveri.karnataka.gov.in	E-mail: tenders.hims.dme@gmail.com
ಸಂಖ್ಯೆ:ಹಿಮ್ಸ್/ಸ್ಟೋರ್ಸ್ /30/2025-26.	ದಿನಾಂಕ :05/03/2025
ಇ-ಟೆಂಡರ್ ಪ್ರಕಟಣೆ
ಕರ್ನಾಟಕ ಸಾರ್ವಜನಿಕ ಸಂಗ್ರಹಣೆಗಳಲ್ಲಿ ಪಾರದರ್ಶಕತೆ ಅಧಿನಿಯಮ-99/2000 ಮತ್ತು ಸರ್ಕಾರದಿಂದ ಕಾಲಕಾಲಕ್ಕೆ ಹೊರಡಿಸಲಾದ ತಿದ್ದುಪಡಿಗಳ ಅನ್ವಯ 2025-26ನೇ ಸಾಲಿನ ಹಾವೇರಿ ವೈದ್ಯಕೀಯ ವಿಜ್ಞಾನಗಳ ಸಂಸ್ಥೆಗೆ ಸ್ಟೋರ್ ಸಾಮಗ್ರಿಗಳ ಸರಬರಾಜಿಗಾಗಿ ಇ-ಟೆಂಡರ್ ಆಹ್ವಾನಿಸಲಾಗಿದೆ. ಟೆಂಡರ್ ದಾಖಲೆಗಳನ್ನು https://kppp.karnataka.gov.in ನಲ್ಲಿ ಪಡೆಯಬಹುದು.
01	ಟೆಂಡರ್ ಪ್ರಕಟಣೆ ದಿನಾಂಕ :	03/05/2025
02	ಪ್ರಿ-ಬಿಡ್ ಮೀಟಿಂಗ್ :	07/05/2025
03	ಟೆಂಡರ್‌ನ ಒಟ್ಟು ಅಂದಾಜು ಮೊತ್ತ	Rs.130.00 ಲಕ್ಷ
04	ಅರ್ಜಿದಾರರು ಟೆಂಡರ್‌ನ್ನು KPP ಪೋರ್ಟಲ್ ಮುಖಾಂತರ ಸಲ್ಲಿಸಲು ಕೊನೆಯ	Date :10/05/2025 Time 4:30 PM
05	ತಾಂತ್ರಿಕ ಬಿಡ್‌ಗಳನ್ನು ತೆರೆಯುವ ದಿನಾಂಕ	Date 11/05/2025 4:30 PM
06	ವಾಣಿಜ್ಯ ಬಿಡ್‌ಗಳನ್ನು ತೆರೆಯುವ ದಿನಾಂಕ	It Will be Intimated
07	ಇ.ಎಂ.ಡಿ ಮೊತ್ತ	Rs. 1,95,000.00/-
09	E-Procurement Portal Processing Fees :	As Per https://kppp.karnataka.gov.in rules
10	ಹೆಚ್ಚಿನ ಮಾಹಿತಿಗಾಗಿ ಸಂಪರ್ಕಿಸಬೇಕಾದ ವಿಳಾಸ	Dean and Director, Haveri Institute Of Medical Sciences, Haveri. Phone No: 8660990320 E-mail: tenders.hims.dme@gmail.com
ಸಹಿ/– ಡೀನ್ ಮತ್ತು ನಿರ್ದೇಶಕರು,
ಹಾವೇರಿ ವೈದ್ಯಕೀಯ ವಿಜ್ಞಾನಗಳ ಸಂಸ್ಥೆ, ಹಾವೇರಿ
